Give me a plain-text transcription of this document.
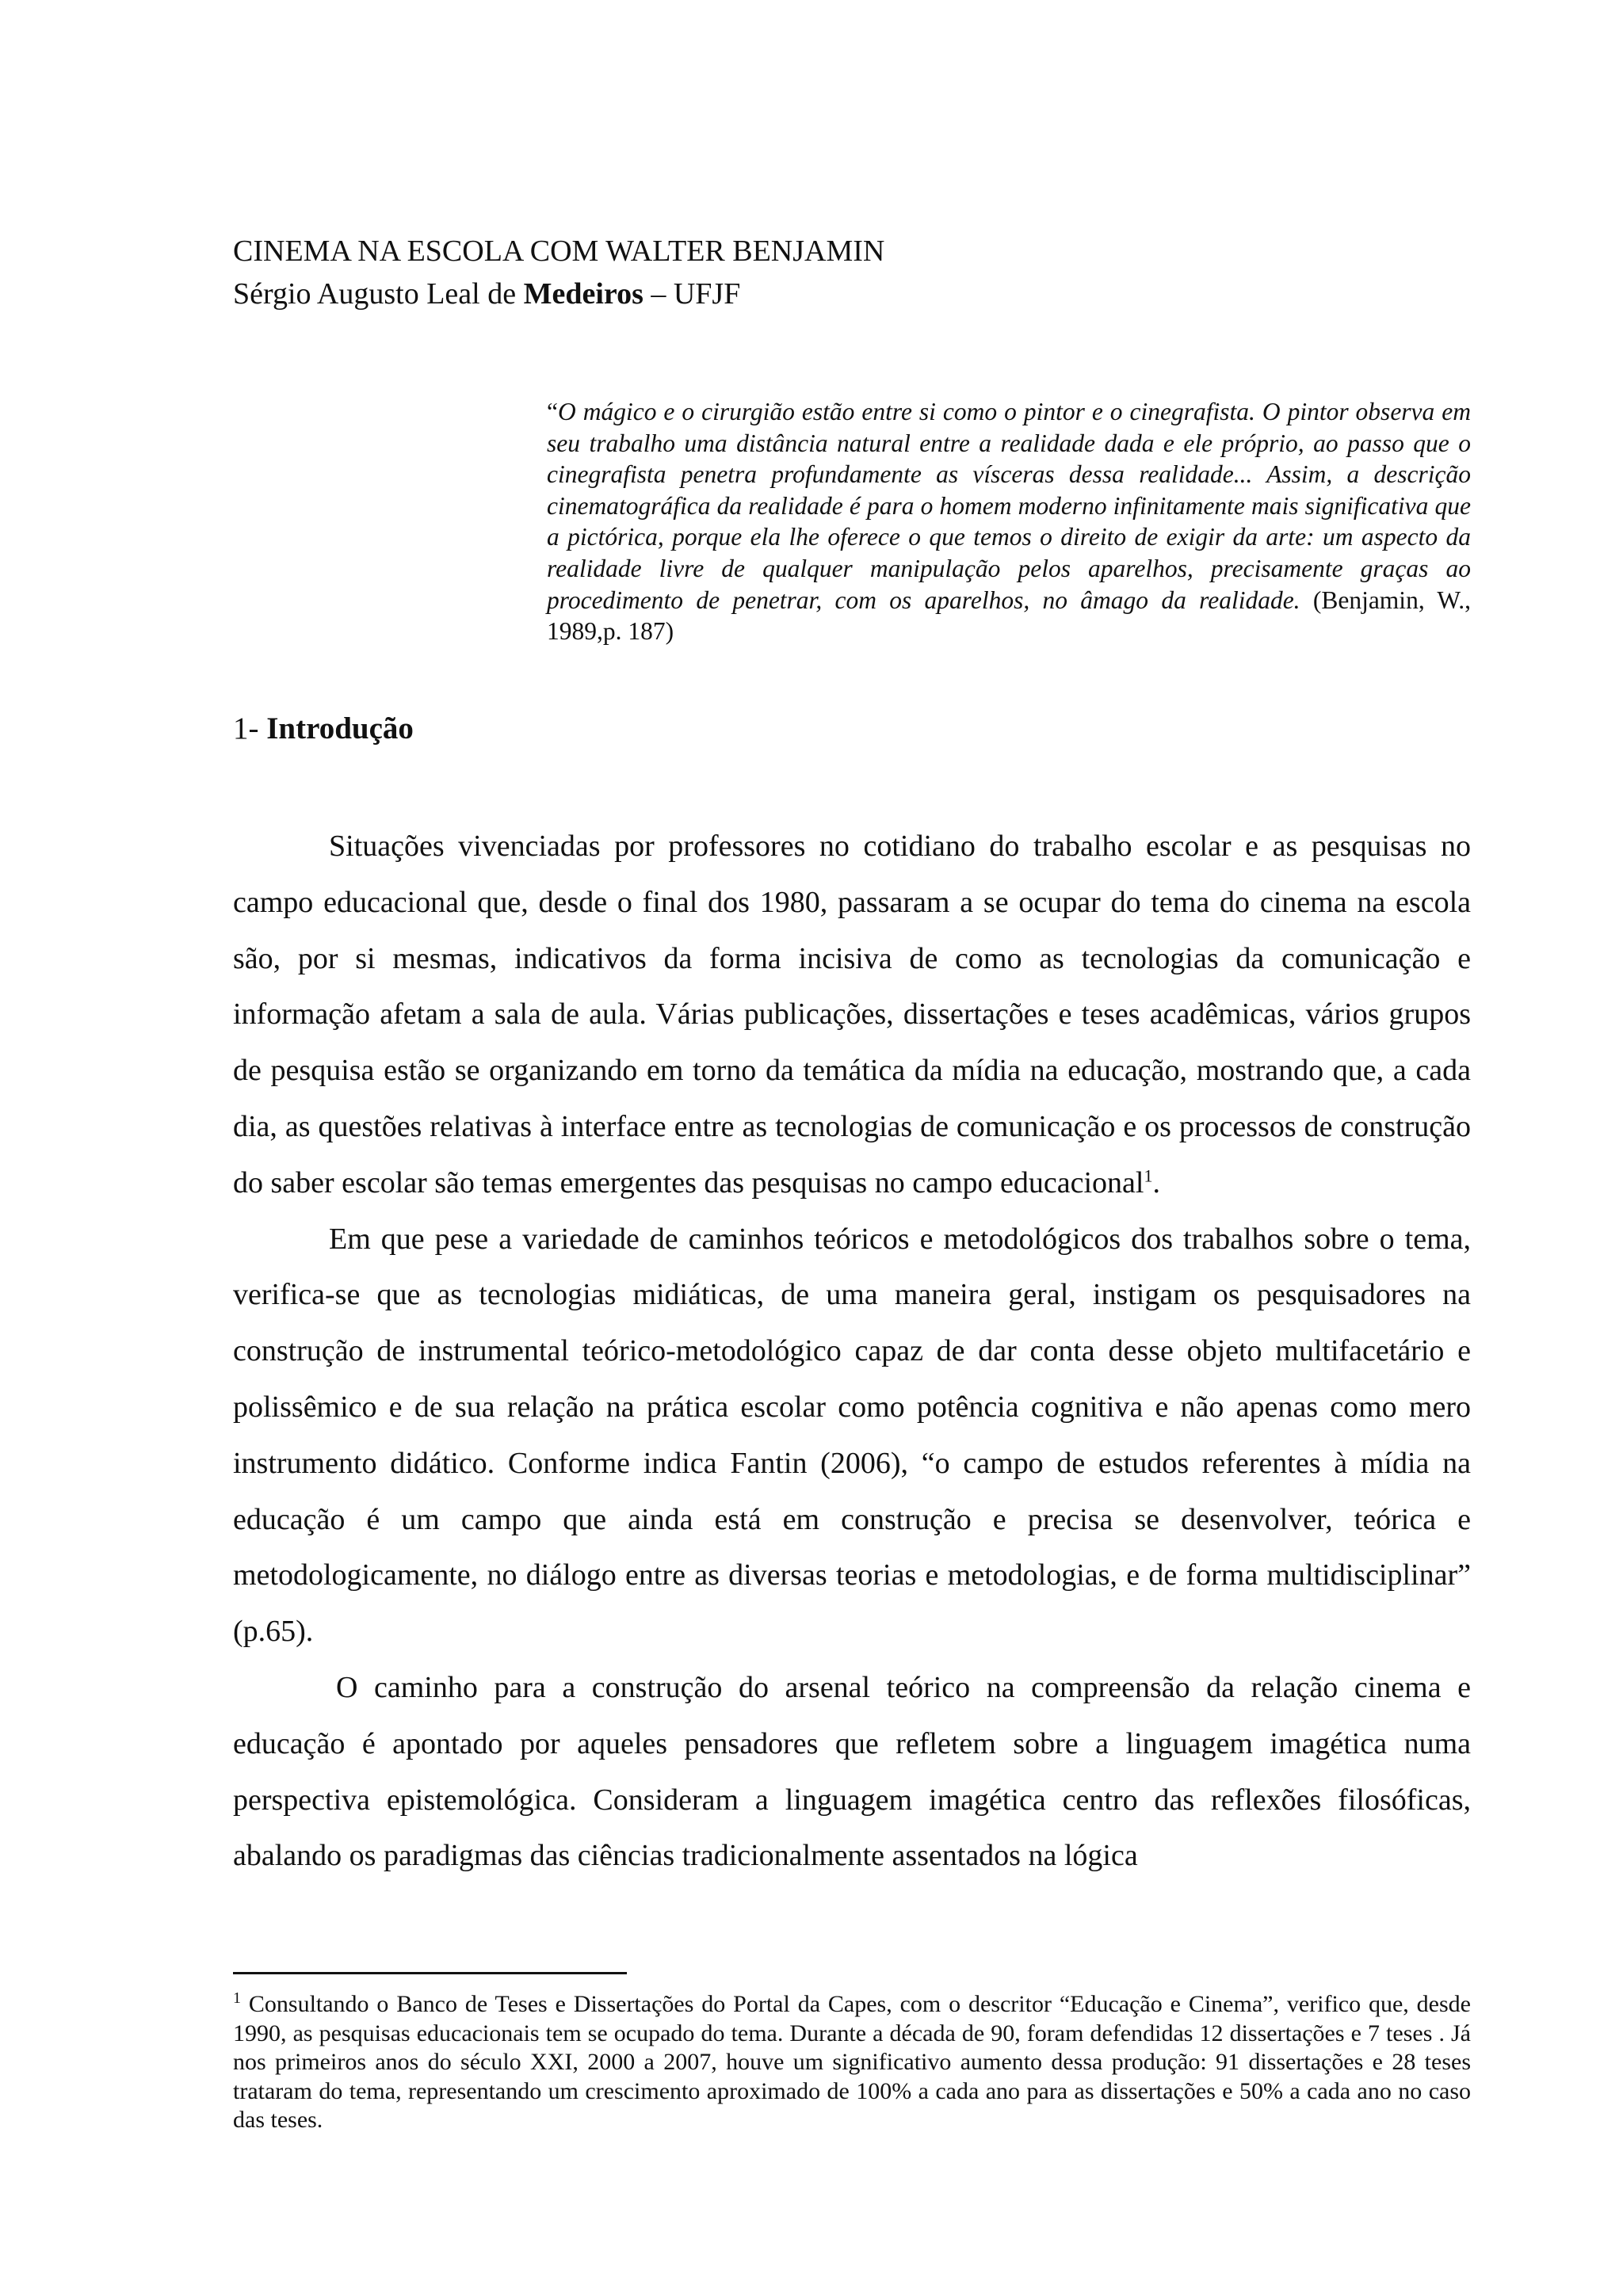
CINEMA NA ESCOLA COM WALTER BENJAMIN
Sérgio Augusto Leal de Medeiros – UFJF
“O mágico e o cirurgião estão entre si como o pintor e o cinegrafista. O pintor observa em seu trabalho uma distância natural entre a realidade dada e ele próprio, ao passo que o cinegrafista penetra profundamente as vísceras dessa realidade... Assim, a descrição cinematográfica da realidade é para o homem moderno infinitamente mais significativa que a pictórica, porque ela lhe oferece o que temos o direito de exigir da arte: um aspecto da realidade livre de qualquer manipulação pelos aparelhos, precisamente graças ao procedimento de penetrar, com os aparelhos, no âmago da realidade. (Benjamin, W., 1989,p. 187)
1- Introdução

Situações vivenciadas por professores no cotidiano do trabalho escolar e as pesquisas no campo educacional que, desde o final dos 1980, passaram a se ocupar do tema do cinema na escola são, por si mesmas, indicativos da forma incisiva de como as tecnologias da comunicação e informação afetam a sala de aula. Várias publicações, dissertações e teses acadêmicas, vários grupos de pesquisa estão se organizando em torno da temática da mídia na educação, mostrando que, a cada dia, as questões relativas à interface entre as tecnologias de comunicação e os processos de construção do saber escolar são temas emergentes das pesquisas no campo educacional$^1$.

Em que pese a variedade de caminhos teóricos e metodológicos dos trabalhos sobre o tema, verifica-se que as tecnologias midiáticas, de uma maneira geral, instigam os pesquisadores na construção de instrumental teórico-metodológico capaz de dar conta desse objeto multifacetário e polissêmico e de sua relação na prática escolar como potência cognitiva e não apenas como mero instrumento didático. Conforme indica Fantin (2006), “o campo de estudos referentes à mídia na educação é um campo que ainda está em construção e precisa se desenvolver, teórica e metodologicamente, no diálogo entre as diversas teorias e metodologias, e de forma multidisciplinar” (p.65).

O caminho para a construção do arsenal teórico na compreensão da relação cinema e educação é apontado por aqueles pensadores que refletem sobre a linguagem imagética numa perspectiva epistemológica. Consideram a linguagem imagética centro das reflexões filosóficas, abalando os paradigmas das ciências tradicionalmente assentados na lógica

$^1$ Consultando o Banco de Teses e Dissertações do Portal da Capes, com o descritor “Educação e Cinema”, verifico que, desde 1990, as pesquisas educacionais tem se ocupado do tema. Durante a década de 90, foram defendidas 12 dissertações e 7 teses . Já nos primeiros anos do século XXI, 2000 a 2007, houve um significativo aumento dessa produção: 91 dissertações e 28 teses trataram do tema, representando um crescimento aproximado de 100% a cada ano para as dissertações e 50% a cada ano no caso das teses.
